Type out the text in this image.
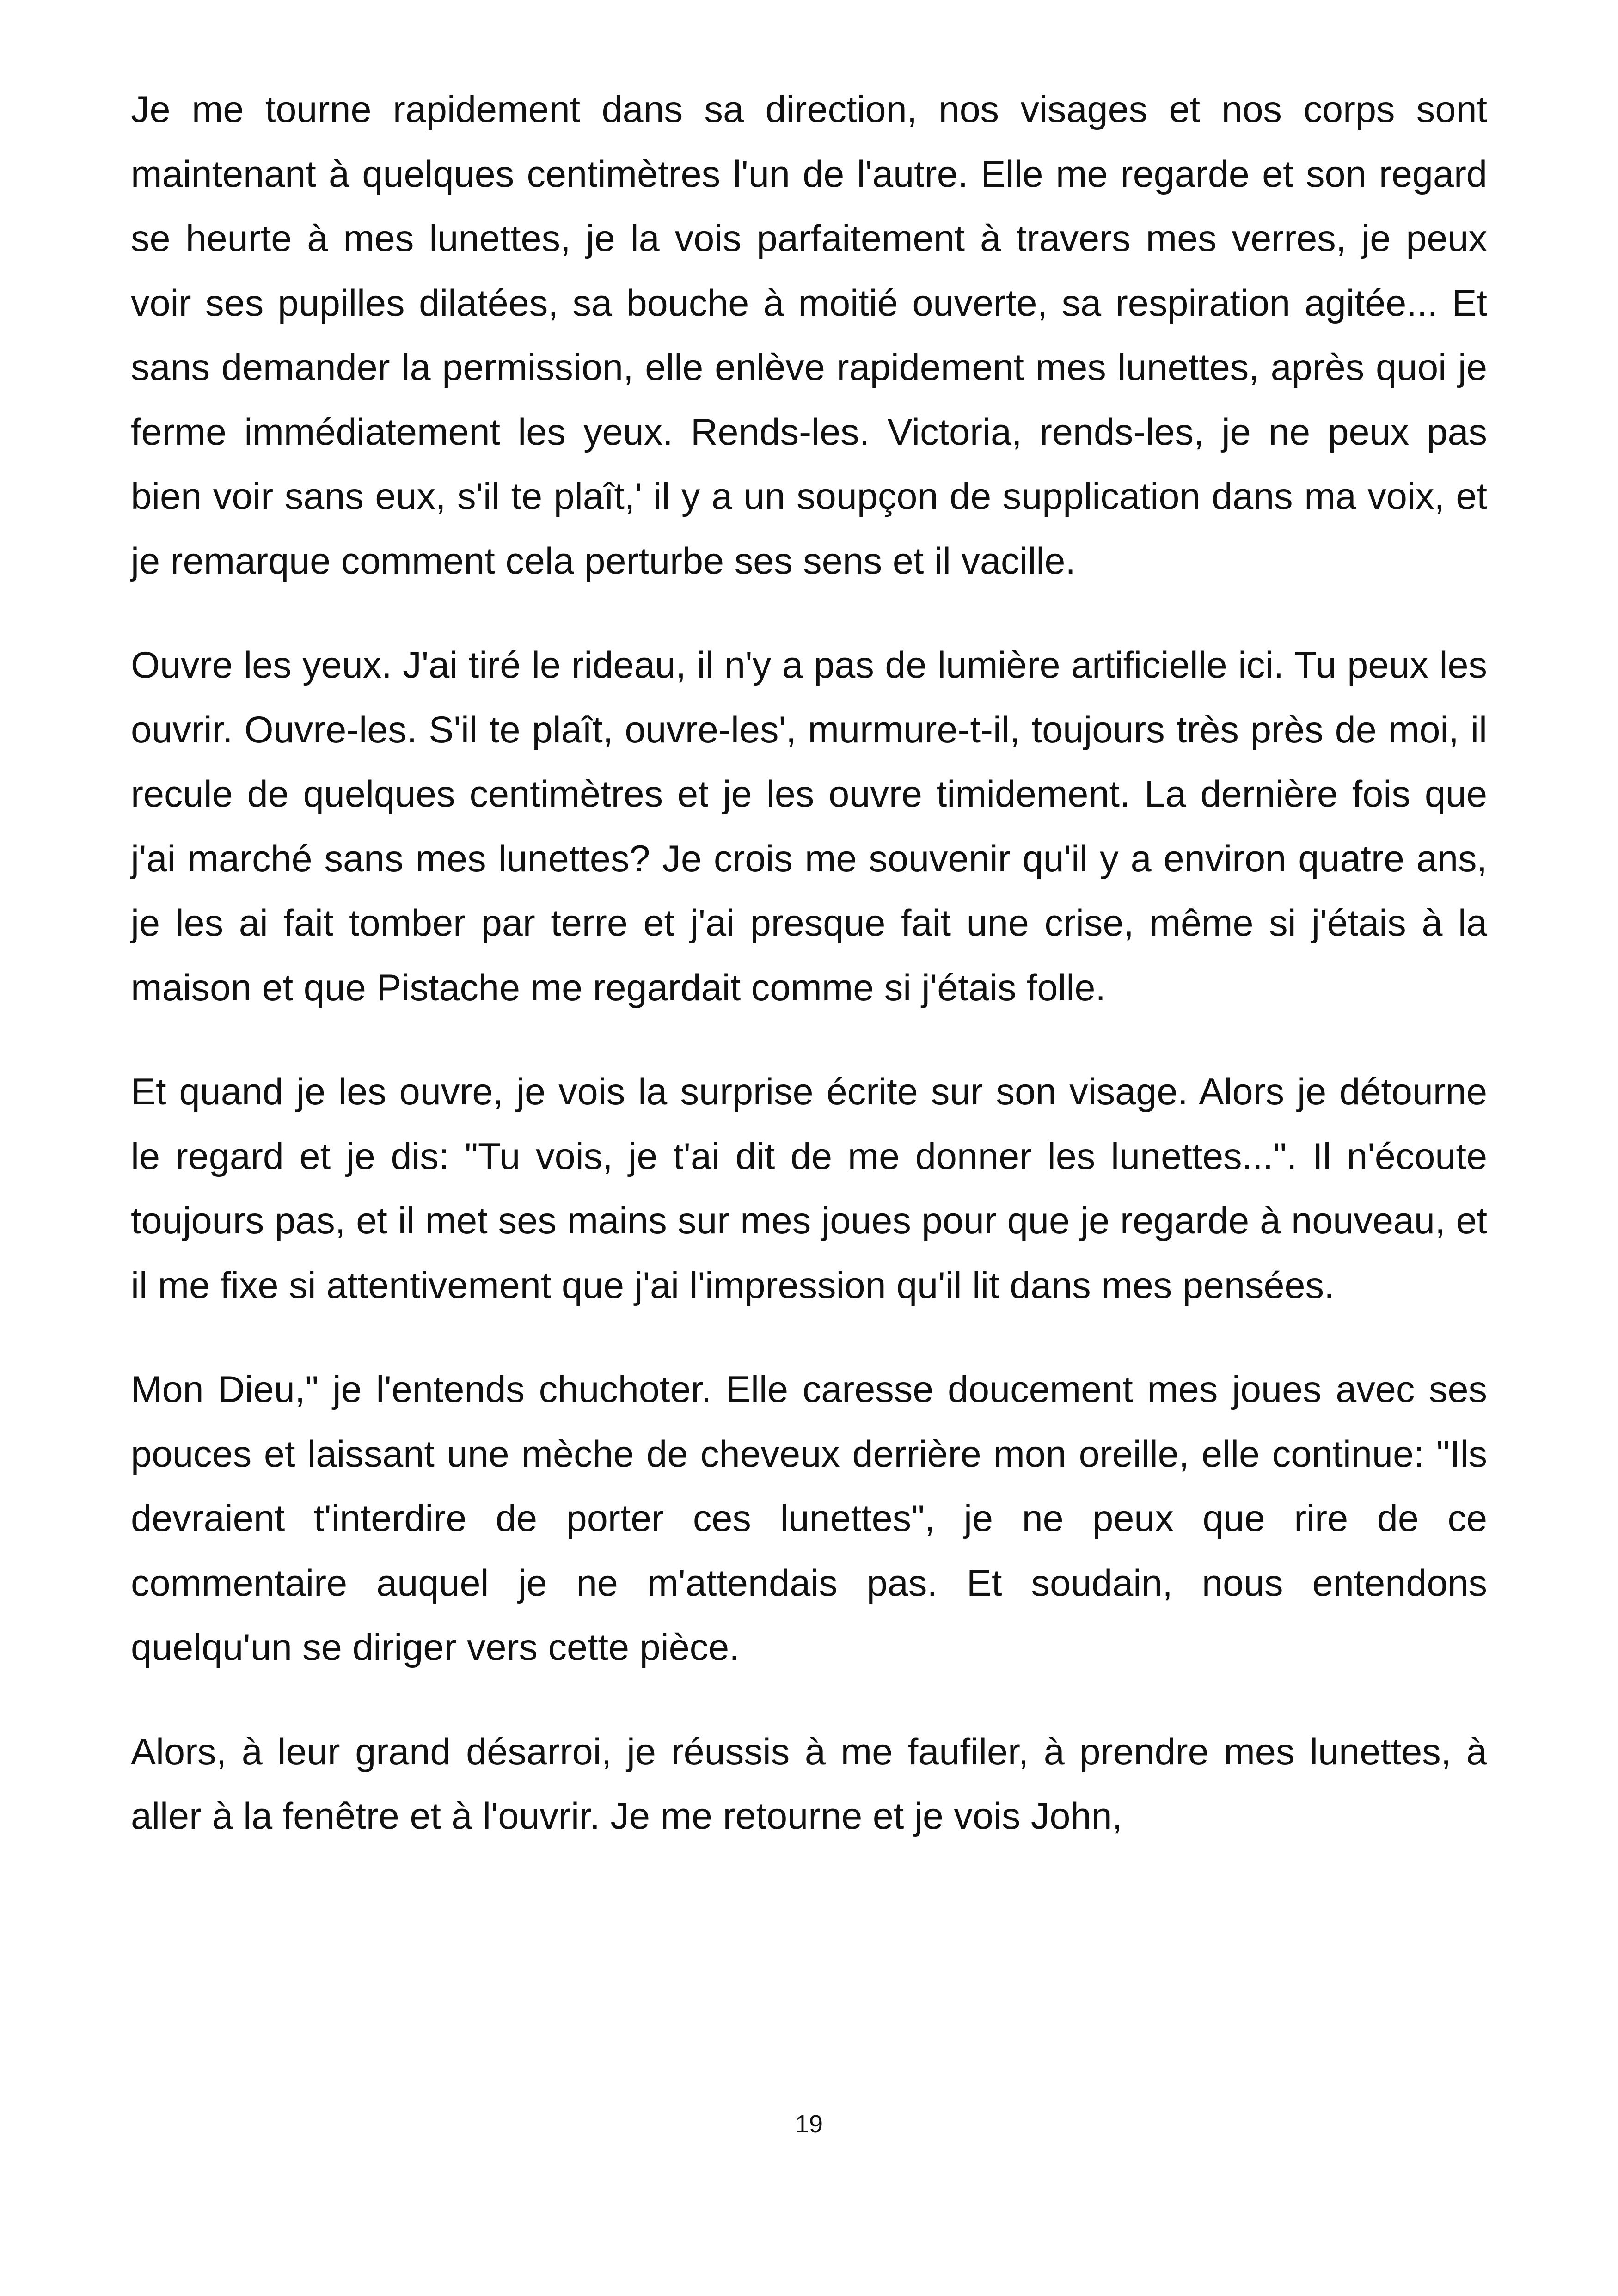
Je me tourne rapidement dans sa direction, nos visages et nos corps sont maintenant à quelques centimètres l'un de l'autre. Elle me regarde et son regard se heurte à mes lunettes, je la vois parfaitement à travers mes verres, je peux voir ses pupilles dilatées, sa bouche à moitié ouverte, sa respiration agitée... Et sans demander la permission, elle enlève rapidement mes lunettes, après quoi je ferme immédiatement les yeux. Rends-les. Victoria, rends-les, je ne peux pas bien voir sans eux, s'il te plaît,' il y a un soupçon de supplication dans ma voix, et je remarque comment cela perturbe ses sens et il vacille.

Ouvre les yeux. J'ai tiré le rideau, il n'y a pas de lumière artificielle ici. Tu peux les ouvrir. Ouvre-les. S'il te plaît, ouvre-les', murmure-t-il, toujours très près de moi, il recule de quelques centimètres et je les ouvre timidement. La dernière fois que j'ai marché sans mes lunettes? Je crois me souvenir qu'il y a environ quatre ans, je les ai fait tomber par terre et j'ai presque fait une crise, même si j'étais à la maison et que Pistache me regardait comme si j'étais folle.

Et quand je les ouvre, je vois la surprise écrite sur son visage. Alors je détourne le regard et je dis: "Tu vois, je t'ai dit de me donner les lunettes...". Il n'écoute toujours pas, et il met ses mains sur mes joues pour que je regarde à nouveau, et il me fixe si attentivement que j'ai l'impression qu'il lit dans mes pensées.

Mon Dieu," je l'entends chuchoter. Elle caresse doucement mes joues avec ses pouces et laissant une mèche de cheveux derrière mon oreille, elle continue: "Ils devraient t'interdire de porter ces lunettes", je ne peux que rire de ce commentaire auquel je ne m'attendais pas. Et soudain, nous entendons quelqu'un se diriger vers cette pièce.

Alors, à leur grand désarroi, je réussis à me faufiler, à prendre mes lunettes, à aller à la fenêtre et à l'ouvrir. Je me retourne et je vois John,

19
